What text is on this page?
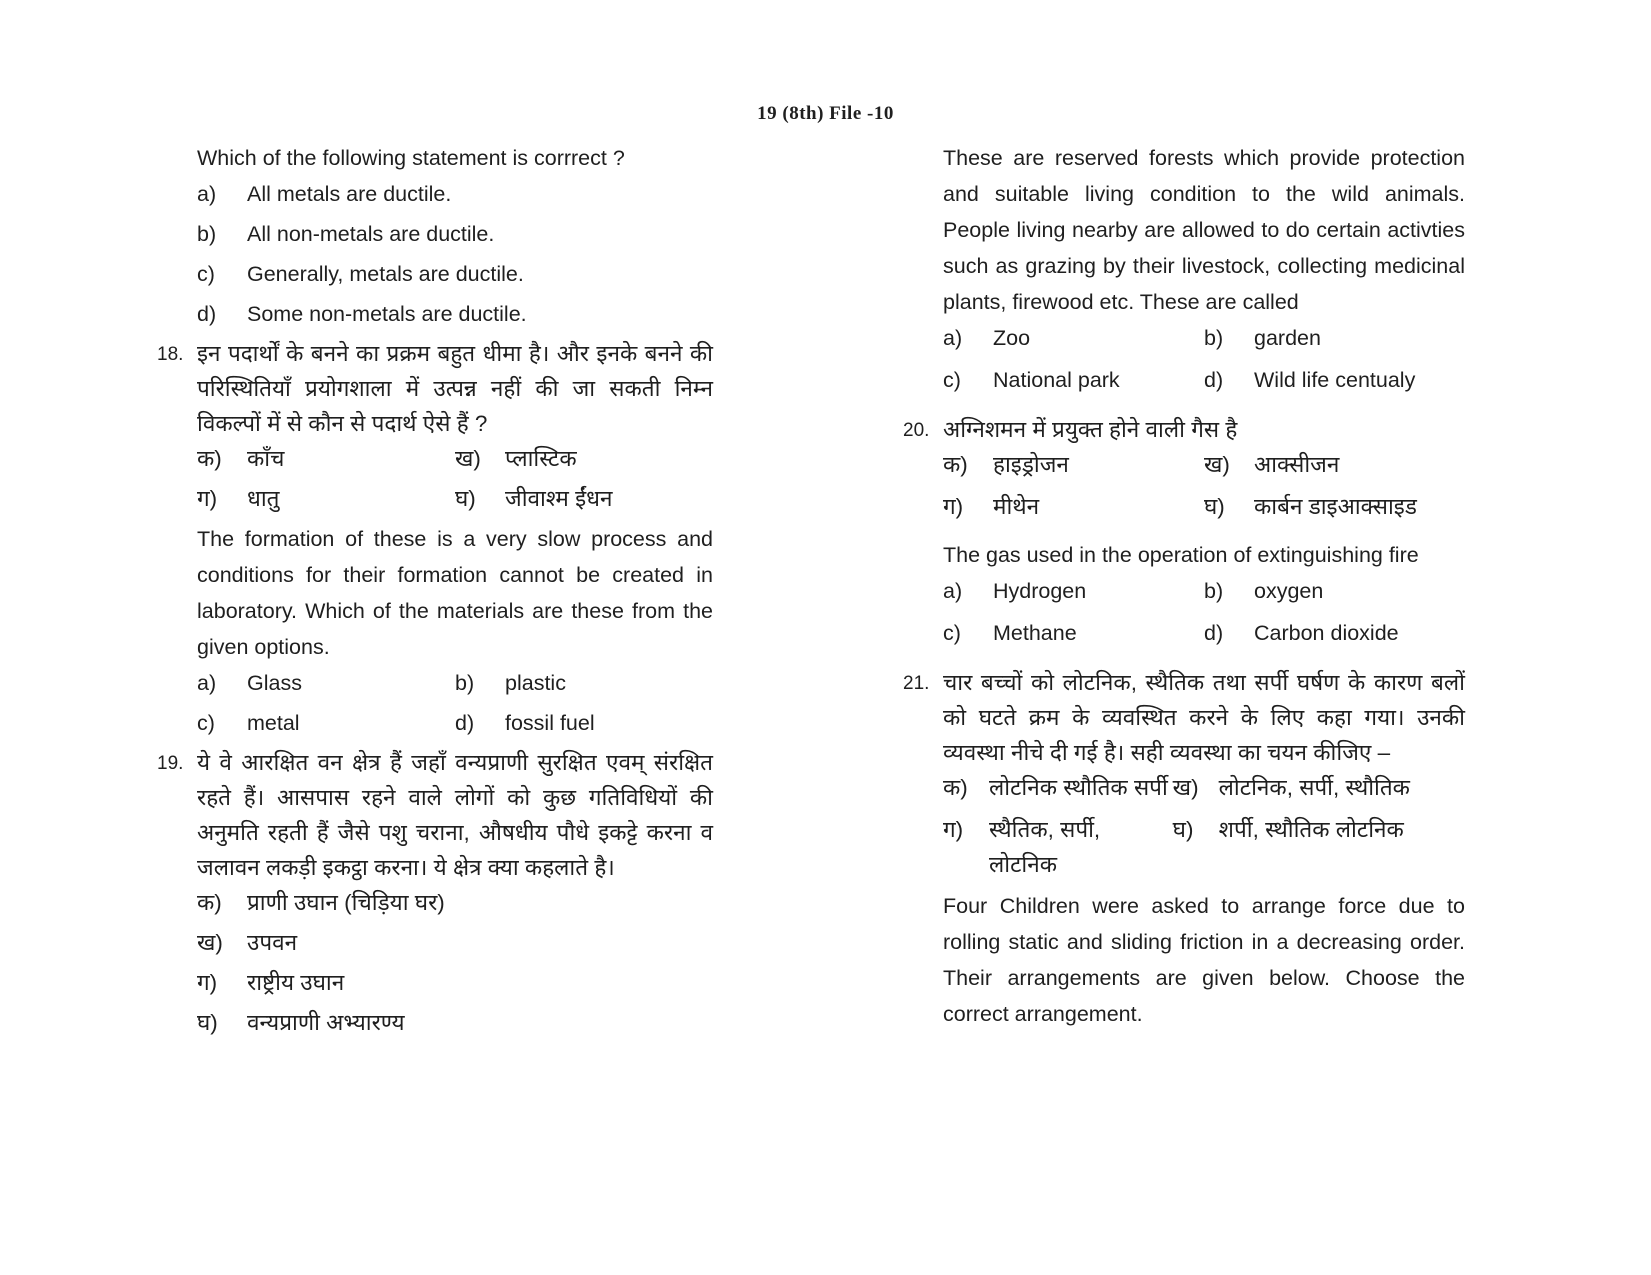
19 (8th) File -10

Which of the following statement is corrrect ?

a)	All metals are ductile.
b)	All non-metals are ductile.
c)	Generally, metals are ductile.
d)	Some non-metals are ductile.
18. इन पदार्थों के बनने का प्रक्रम बहुत धीमा है। और इनके बनने की परिस्थितियाँ प्रयोगशाला में उत्पन्न नहीं की जा सकती निम्न विकल्पों में से कौन से पदार्थ ऐसे हैं ?

क)	काँच	ख)	प्लास्टिक
ग)	धातु	घ)	जीवाश्म ईंधन

The formation of these is a very slow process and conditions for their formation cannot be created in laboratory. Which of the materials are these from the given options.

a)	Glass	b)	plastic
c)	metal	d)	fossil fuel
19. ये वे आरक्षित वन क्षेत्र हैं जहाँ वन्यप्राणी सुरक्षित एवम् संरक्षित रहते हैं। आसपास रहने वाले लोगों को कुछ गतिविधियों की अनुमति रहती हैं जैसे पशु चराना, औषधीय पौधे इकट्टे करना व जलावन लकड़ी इकट्ठा करना। ये क्षेत्र क्या कहलाते है।

क)	प्राणी उघान (चिड़िया घर)
ख)	उपवन
ग)	राष्ट्रीय उघान
घ)	वन्यप्राणी अभ्यारण्य

These are reserved forests which provide protection and suitable living condition to the wild animals. People living nearby are allowed to do certain activties such as grazing by their livestock, collecting medicinal plants, firewood etc. These are called

a)	Zoo	b)	garden
c)	National park	d)	Wild life centualy
20. अग्निशमन में प्रयुक्त होने वाली गैस है

क)	हाइड्रोजन	ख)	आक्सीजन
ग)	मीथेन	घ)	कार्बन डाइआक्साइड

The gas used in the operation of extinguishing fire

a)	Hydrogen	b)	oxygen
c)	Methane	d)	Carbon dioxide
21. चार बच्चों को लोटनिक, स्थैतिक तथा सर्पी घर्षण के कारण बलों को घटते क्रम के व्यवस्थित करने के लिए कहा गया। उनकी व्यवस्था नीचे दी गई है। सही व्यवस्था का चयन कीजिए –

क) लोटनिक स्थौतिक सर्पी ख) लोटनिक, सर्पी, स्थौतिक
ग)	स्थैतिक, सर्पी, लोटनिक
घ)	शर्पी, स्थौतिक लोटनिक

Four Children were asked to arrange force due to rolling static and sliding friction in a decreasing order. Their arrangements are given below. Choose the correct arrangement.
